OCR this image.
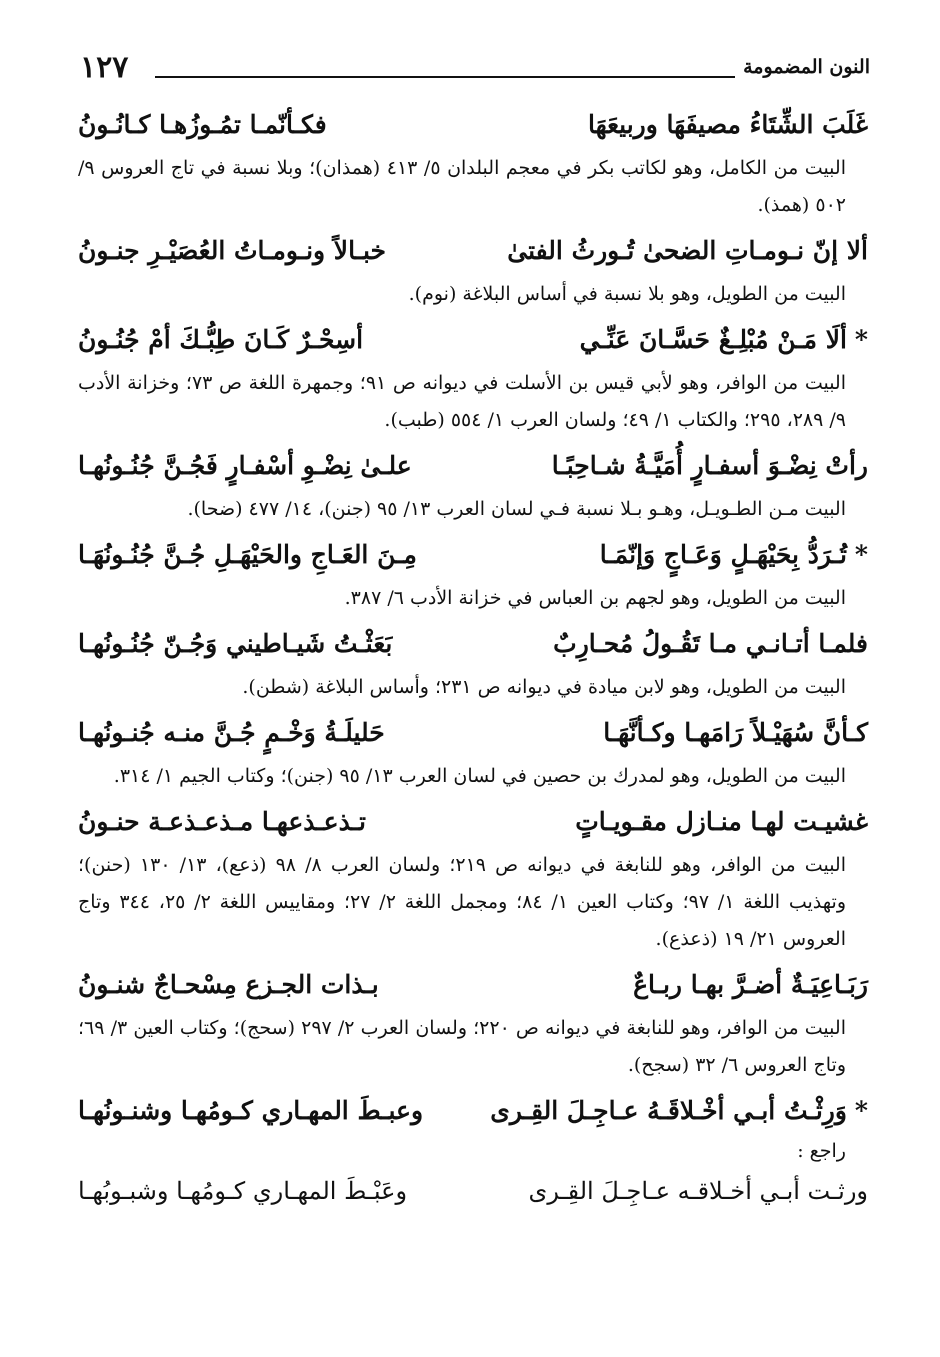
النون المضمومة
١٢٧
غَلَبَ الشِّتَاءُ مصيفَهَا وربيعَهَا
فكـأنّمـا تمُـوزُهـا كـانُـونُ

البيت من الكامل، وهو لكاتب بكر في معجم البلدان ٥/ ٤١٣ (همذان)؛ وبلا نسبة في تاج العروس ٩/ ٥٠٢ (همذ).

ألا إنّ نـومـاتِ الضحىٰ تُـورثُ الفتىٰ
خبـالاً ونـومـاتُ العُصَيْـرِ جنـونُ

البيت من الطويل، وهو بلا نسبة في أساس البلاغة (نوم).

*ألَا مَـنْ مُبْلِـغٌ حَسَّـانَ عَنِّـي
أسِحْـرٌ كَـانَ طِبُّـكَ أمْ جُنُـونُ

البيت من الوافر، وهو لأبي قيس بن الأسلت في ديوانه ص ٩١؛ وجمهرة اللغة ص ٧٣؛ وخزانة الأدب ٩/ ٢٨٩، ٢٩٥؛ والكتاب ١/ ٤٩؛ ولسان العرب ١/ ٥٥٤ (طبب).

رأتْ نِضْـوَ أسفـارٍ أُمَيَّـةُ شـاحِبًـا
علـىٰ نِضْـوِ أسْفـارٍ فَجُـنَّ جُنُـونُهـا

البيت مـن الطـويـل، وهـو بـلا نسبة فـي لسان العرب ١٣/ ٩٥ (جنن)، ١٤/ ٤٧٧ (ضحا).

*تُـرَدُّ بِحَيْهَـلٍ وَعَـاجٍ وَإنّمَـا
مِـنَ العَـاجِ والحَيْهَـلِ جُـنَّ جُنُـونُهَـا

البيت من الطويل، وهو لجهم بن العباس في خزانة الأدب ٦/ ٣٨٧.

فلمـا أتـانـي مـا تَقُـولُ مُحـارِبٌ
بَعَثْـتُ شَيـاطيني وَجُـنّ جُنُـونُهـا

البيت من الطويل، وهو لابن ميادة في ديوانه ص ٢٣١؛ وأساس البلاغة (شطن).

كـأنَّ سُهَيْـلاً رَامَهـا وكـأنَّهَـا
حَليلَـةُ وَخْـمٍ جُـنَّ منـه جُنـونُهـا

البيت من الطويل، وهو لمدرك بن حصين في لسان العرب ١٣/ ٩٥ (جنن)؛ وكتاب الجيم ١/ ٣١٤.

غشيـت لهـا منـازل مقـويـاتٍ
تـذعـذعهـا مـذعـذعـة حنـونُ

البيت من الوافر، وهو للنابغة في ديوانه ص ٢١٩؛ ولسان العرب ٨/ ٩٨ (ذعع)، ١٣/ ١٣٠ (حنن)؛ وتهذيب اللغة ١/ ٩٧؛ وكتاب العين ١/ ٨٤؛ ومجمل اللغة ٢/ ٢٧؛ ومقاييس اللغة ٢/ ٢٥، ٣٤٤ وتاج العروس ٢١/ ١٩ (ذعذع).

رَبَـاعِيَـةٌ أضـرَّ بهـا ربـاعٌ
بـذات الجـزع مِسْحـاجٌ شنـونُ

البيت من الوافر، وهو للنابغة في ديوانه ص ٢٢٠؛ ولسان العرب ٢/ ٢٩٧ (سحج)؛ وكتاب العين ٣/ ٦٩؛ وتاج العروس ٦/ ٣٢ (سجح).

*وَرِثْـتُ أبـي أخْـلاقَـهُ عـاجِـلَ القِـرى
وعبـطَ المهـاري كـومُهـا وشنـونُهـا
راجع :
ورثـت أبـي أخـلاقـه عـاجِـلَ القِـرى
وعَبْـطَ المهـاري كـومُهـا وشبـوبُهـا
